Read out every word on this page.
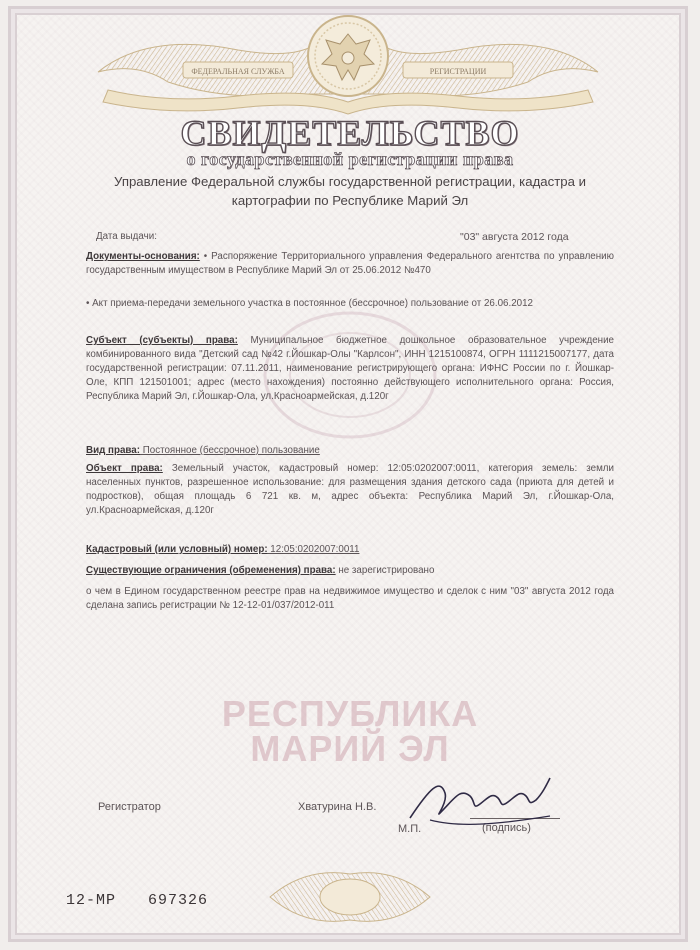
ФЕДЕРАЛЬНАЯ СЛУЖБА	РЕГИСТРАЦИИ
СВИДЕТЕЛЬСТВО
о государственной регистрации права
Управление Федеральной службы государственной регистрации, кадастра и картографии по Республике Марий Эл
Дата выдачи:	"03" августа 2012 года
Документы-основания: • Распоряжение Территориального управления Федерального агентства по управлению государственным имуществом в Республике Марий Эл от 25.06.2012 №470
• Акт приема-передачи земельного участка в постоянное (бессрочное) пользование от 26.06.2012
Субъект (субъекты) права: Муниципальное бюджетное дошкольное образовательное учреждение комбинированного вида "Детский сад №42 г.Йошкар-Олы "Карлсон", ИНН 1215100874, ОГРН 1111215007177, дата государственной регистрации: 07.11.2011, наименование регистрирующего органа: ИФНС России по г. Йошкар-Оле, КПП 121501001; адрес (место нахождения) постоянно действующего исполнительного органа: Россия, Республика Марий Эл, г.Йошкар-Ола, ул.Красноармейская, д.120г
Вид права: Постоянное (бессрочное) пользование
Объект права: Земельный участок, кадастровый номер: 12:05:0202007:0011, категория земель: земли населенных пунктов, разрешенное использование: для размещения здания детского сада (приюта для детей и подростков), общая площадь 6 721 кв. м, адрес объекта: Республика Марий Эл, г.Йошкар-Ола, ул.Красноармейская, д.120г
Кадастровый (или условный) номер: 12:05:0202007:0011
Существующие ограничения (обременения) права: не зарегистрировано
о чем в Едином государственном реестре прав на недвижимое имущество и сделок с ним "03" августа 2012 года сделана запись регистрации № 12-12-01/037/2012-011
РЕСПУБЛИКА
МАРИЙ ЭЛ
Регистратор	Хватурина Н.В.
М.П.	(подпись)
12-МР 697326
